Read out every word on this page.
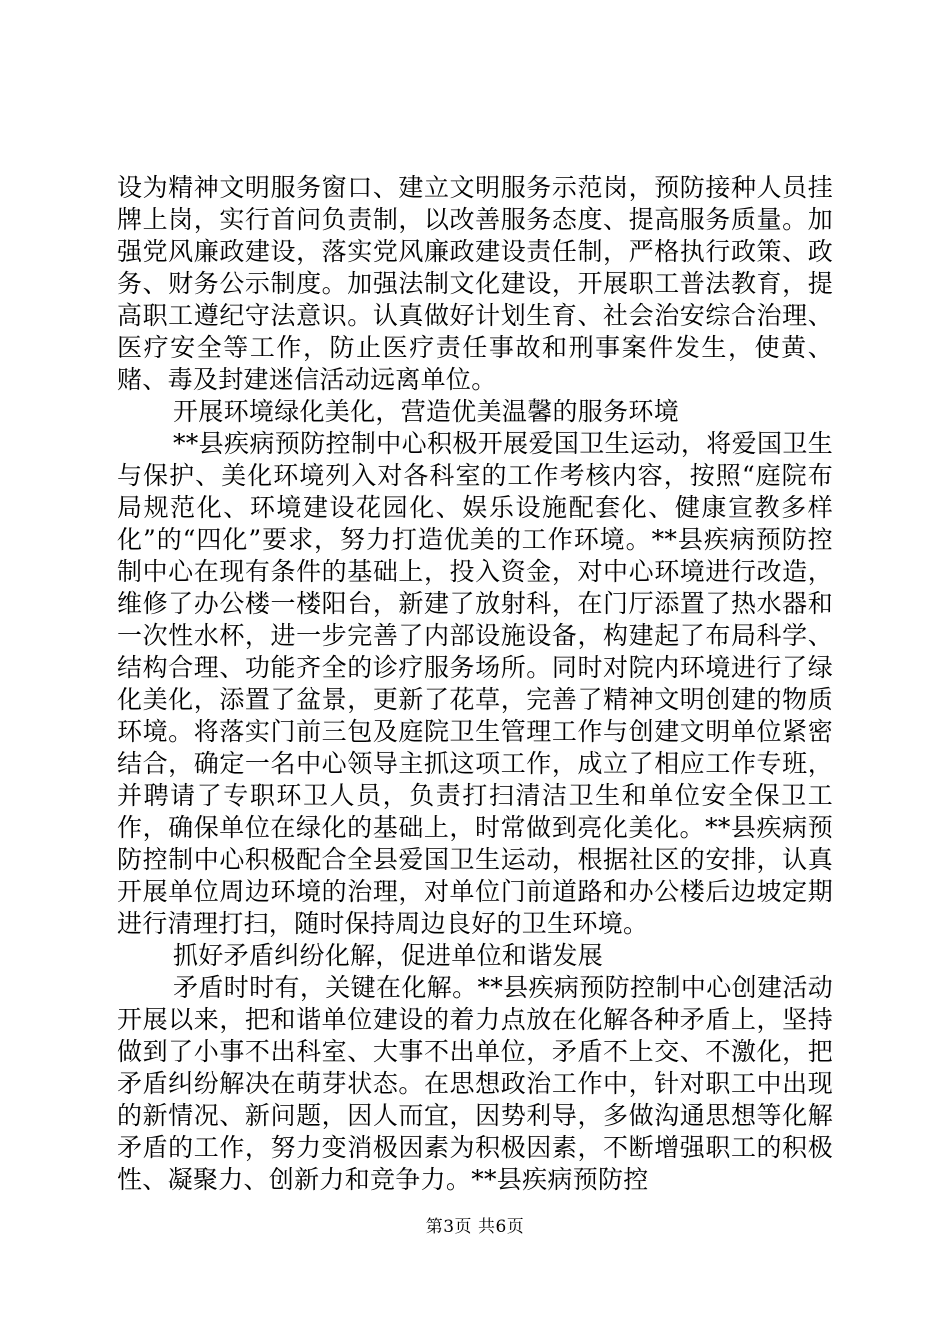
设为精神文明服务窗口、建立文明服务示范岗，预防接种人员挂牌上岗，实行首问负责制，以改善服务态度、提高服务质量。加强党风廉政建设，落实党风廉政建设责任制，严格执行政策、政务、财务公示制度。加强法制文化建设，开展职工普法教育，提高职工遵纪守法意识。认真做好计划生育、社会治安综合治理、医疗安全等工作，防止医疗责任事故和刑事案件发生，使黄、赌、毒及封建迷信活动远离单位。

开展环境绿化美化，营造优美温馨的服务环境

**县疾病预防控制中心积极开展爱国卫生运动，将爱国卫生与保护、美化环境列入对各科室的工作考核内容，按照“庭院布局规范化、环境建设花园化、娱乐设施配套化、健康宣教多样化”的“四化”要求，努力打造优美的工作环境。**县疾病预防控制中心在现有条件的基础上，投入资金，对中心环境进行改造，维修了办公楼一楼阳台，新建了放射科，在门厅添置了热水器和一次性水杯，进一步完善了内部设施设备，构建起了布局科学、结构合理、功能齐全的诊疗服务场所。同时对院内环境进行了绿化美化，添置了盆景，更新了花草，完善了精神文明创建的物质环境。将落实门前三包及庭院卫生管理工作与创建文明单位紧密结合，确定一名中心领导主抓这项工作，成立了相应工作专班，并聘请了专职环卫人员，负责打扫清洁卫生和单位安全保卫工作，确保单位在绿化的基础上，时常做到亮化美化。**县疾病预防控制中心积极配合全县爱国卫生运动，根据社区的安排，认真开展单位周边环境的治理，对单位门前道路和办公楼后边坡定期进行清理打扫，随时保持周边良好的卫生环境。

抓好矛盾纠纷化解，促进单位和谐发展

矛盾时时有，关键在化解。**县疾病预防控制中心创建活动开展以来，把和谐单位建设的着力点放在化解各种矛盾上，坚持做到了小事不出科室、大事不出单位，矛盾不上交、不激化，把矛盾纠纷解决在萌芽状态。在思想政治工作中，针对职工中出现的新情况、新问题，因人而宜，因势利导，多做沟通思想等化解矛盾的工作，努力变消极因素为积极因素，不断增强职工的积极性、凝聚力、创新力和竞争力。**县疾病预防控

第3页 共6页
